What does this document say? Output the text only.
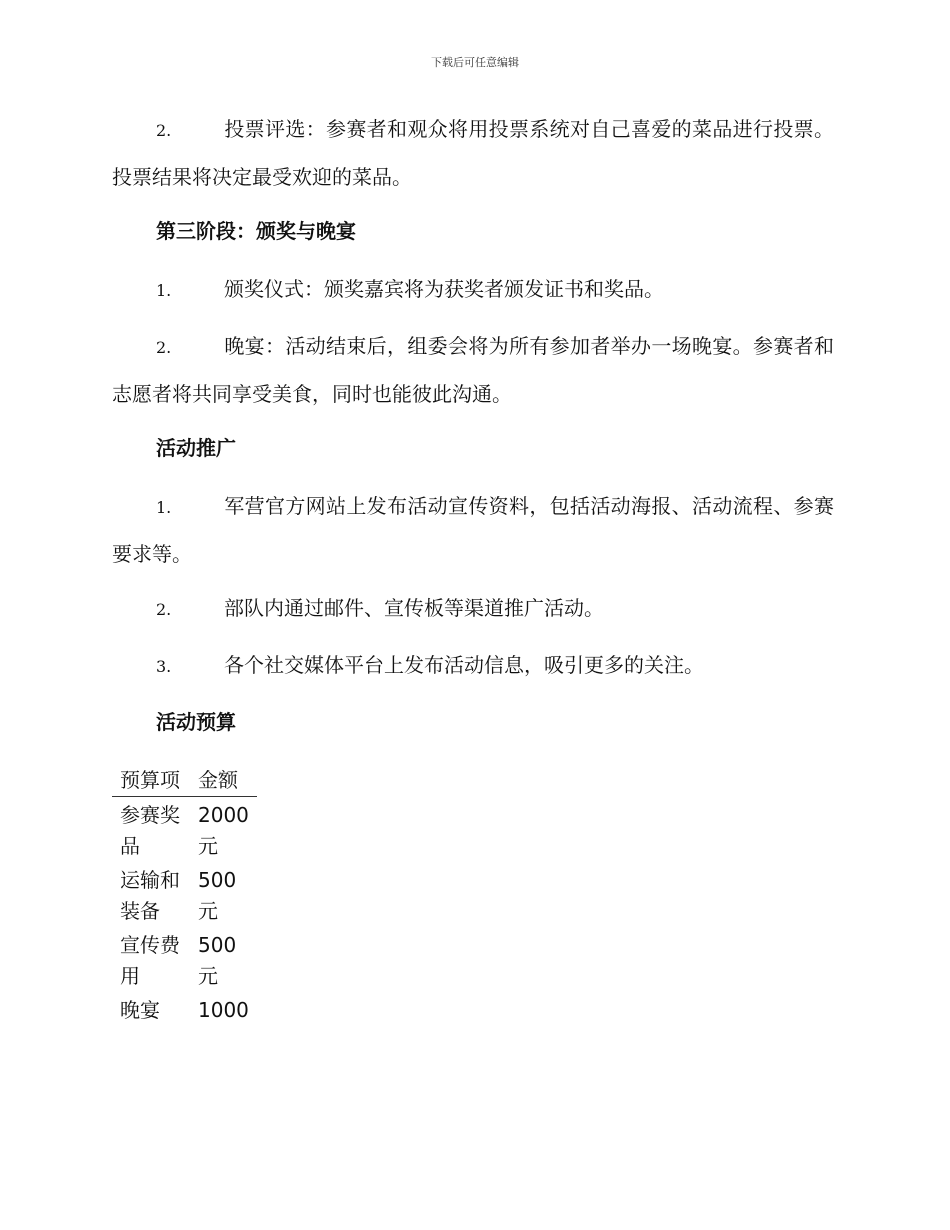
下载后可任意编辑

2.	投票评选：参赛者和观众将用投票系统对自己喜爱的菜品进行投票。投票结果将决定最受欢迎的菜品。

第三阶段：颁奖与晚宴

1.	颁奖仪式：颁奖嘉宾将为获奖者颁发证书和奖品。

2.	晚宴：活动结束后，组委会将为所有参加者举办一场晚宴。参赛者和志愿者将共同享受美食，同时也能彼此沟通。

活动推广

1.	军营官方网站上发布活动宣传资料，包括活动海报、活动流程、参赛要求等。

2.	部队内通过邮件、宣传板等渠道推广活动。

3.	各个社交媒体平台上发布活动信息，吸引更多的关注。

活动预算
预算项	金额
参赛奖品	2000元
运输和装备	500元
宣传费用	500元
晚宴	1000
